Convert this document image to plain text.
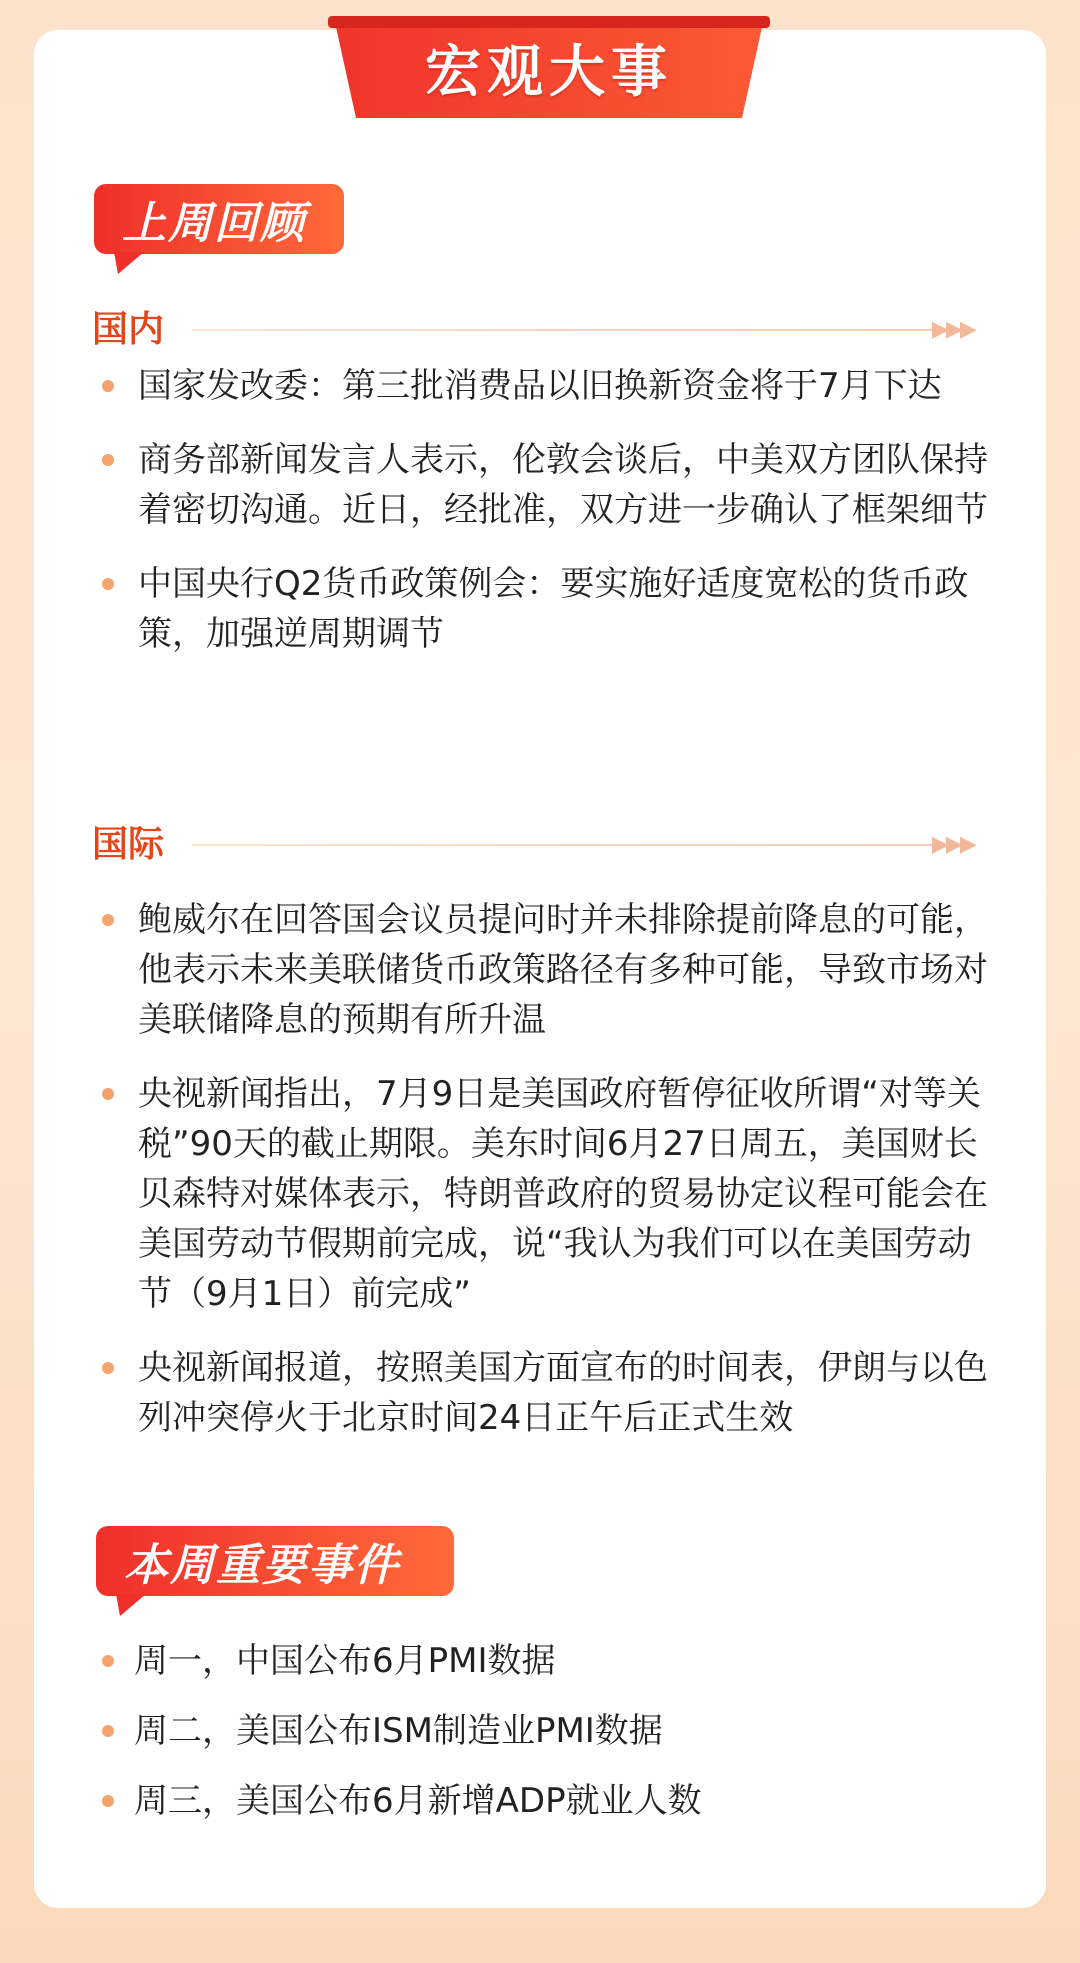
宏观大事
上周回顾
国内	▶▶▶
国家发改委：第三批消费品以旧换新资金将于7月下达
商务部新闻发言人表示，伦敦会谈后，中美双方团队保持着密切沟通。近日，经批准，双方进一步确认了框架细节
中国央行Q2货币政策例会：要实施好适度宽松的货币政策，加强逆周期调节
国际	▶▶▶
鲍威尔在回答国会议员提问时并未排除提前降息的可能，他表示未来美联储货币政策路径有多种可能，导致市场对美联储降息的预期有所升温
央视新闻指出，7月9日是美国政府暂停征收所谓“对等关税”90天的截止期限。美东时间6月27日周五，美国财长贝森特对媒体表示，特朗普政府的贸易协定议程可能会在美国劳动节假期前完成，说“我认为我们可以在美国劳动节（9月1日）前完成”
央视新闻报道，按照美国方面宣布的时间表，伊朗与以色列冲突停火于北京时间24日正午后正式生效
本周重要事件
周一，中国公布6月PMI数据
周二，美国公布ISM制造业PMI数据
周三，美国公布6月新增ADP就业人数
